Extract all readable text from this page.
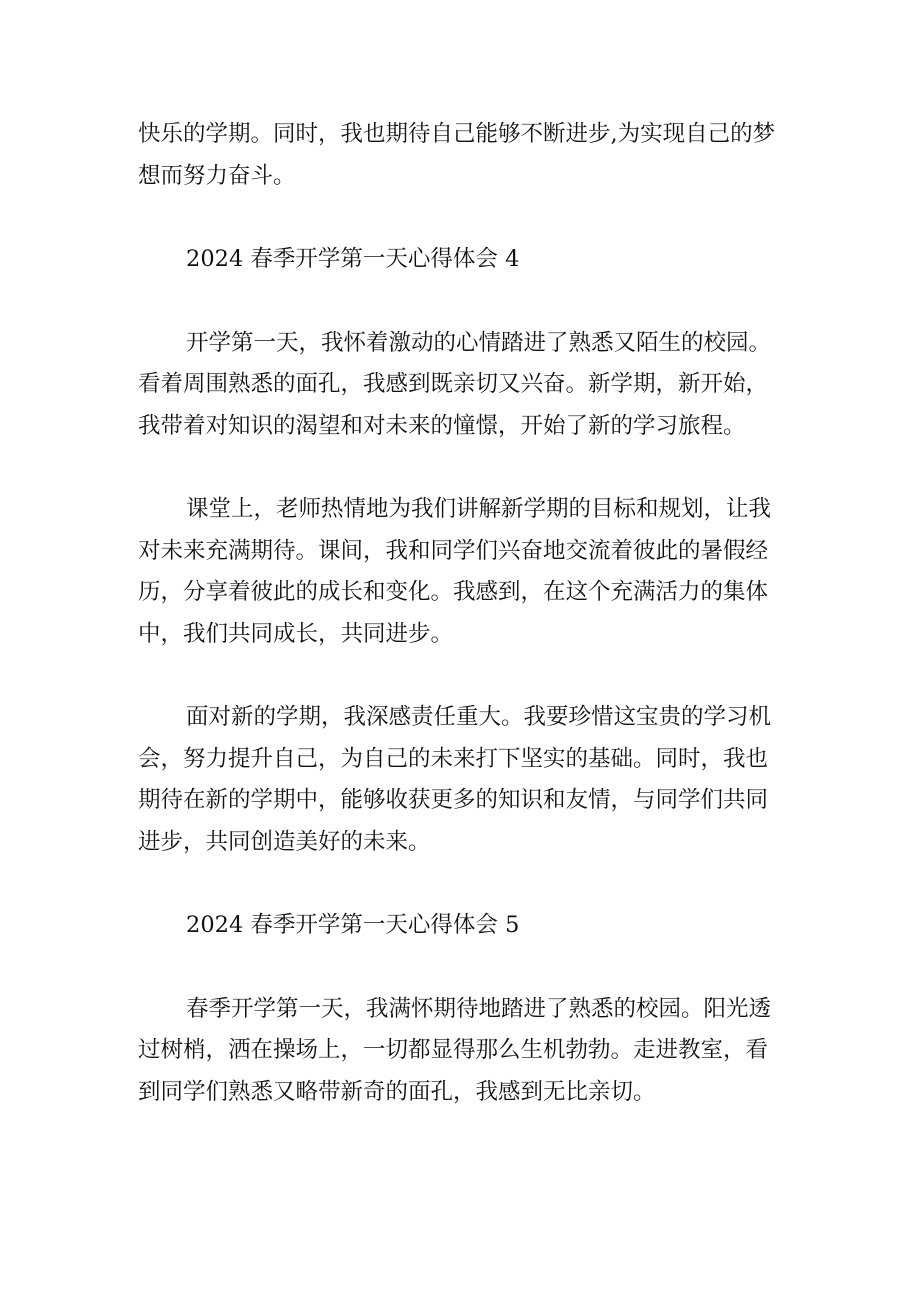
快乐的学期。同时，我也期待自己能够不断进步,为实现自己的梦想而努力奋斗。

2024 春季开学第一天心得体会 4

开学第一天，我怀着激动的心情踏进了熟悉又陌生的校园。看着周围熟悉的面孔，我感到既亲切又兴奋。新学期，新开始，我带着对知识的渴望和对未来的憧憬，开始了新的学习旅程。

课堂上，老师热情地为我们讲解新学期的目标和规划，让我对未来充满期待。课间，我和同学们兴奋地交流着彼此的暑假经历，分享着彼此的成长和变化。我感到，在这个充满活力的集体中，我们共同成长，共同进步。

面对新的学期，我深感责任重大。我要珍惜这宝贵的学习机会，努力提升自己，为自己的未来打下坚实的基础。同时，我也期待在新的学期中，能够收获更多的知识和友情，与同学们共同进步，共同创造美好的未来。

2024 春季开学第一天心得体会 5

春季开学第一天，我满怀期待地踏进了熟悉的校园。阳光透过树梢，洒在操场上，一切都显得那么生机勃勃。走进教室，看到同学们熟悉又略带新奇的面孔，我感到无比亲切。
